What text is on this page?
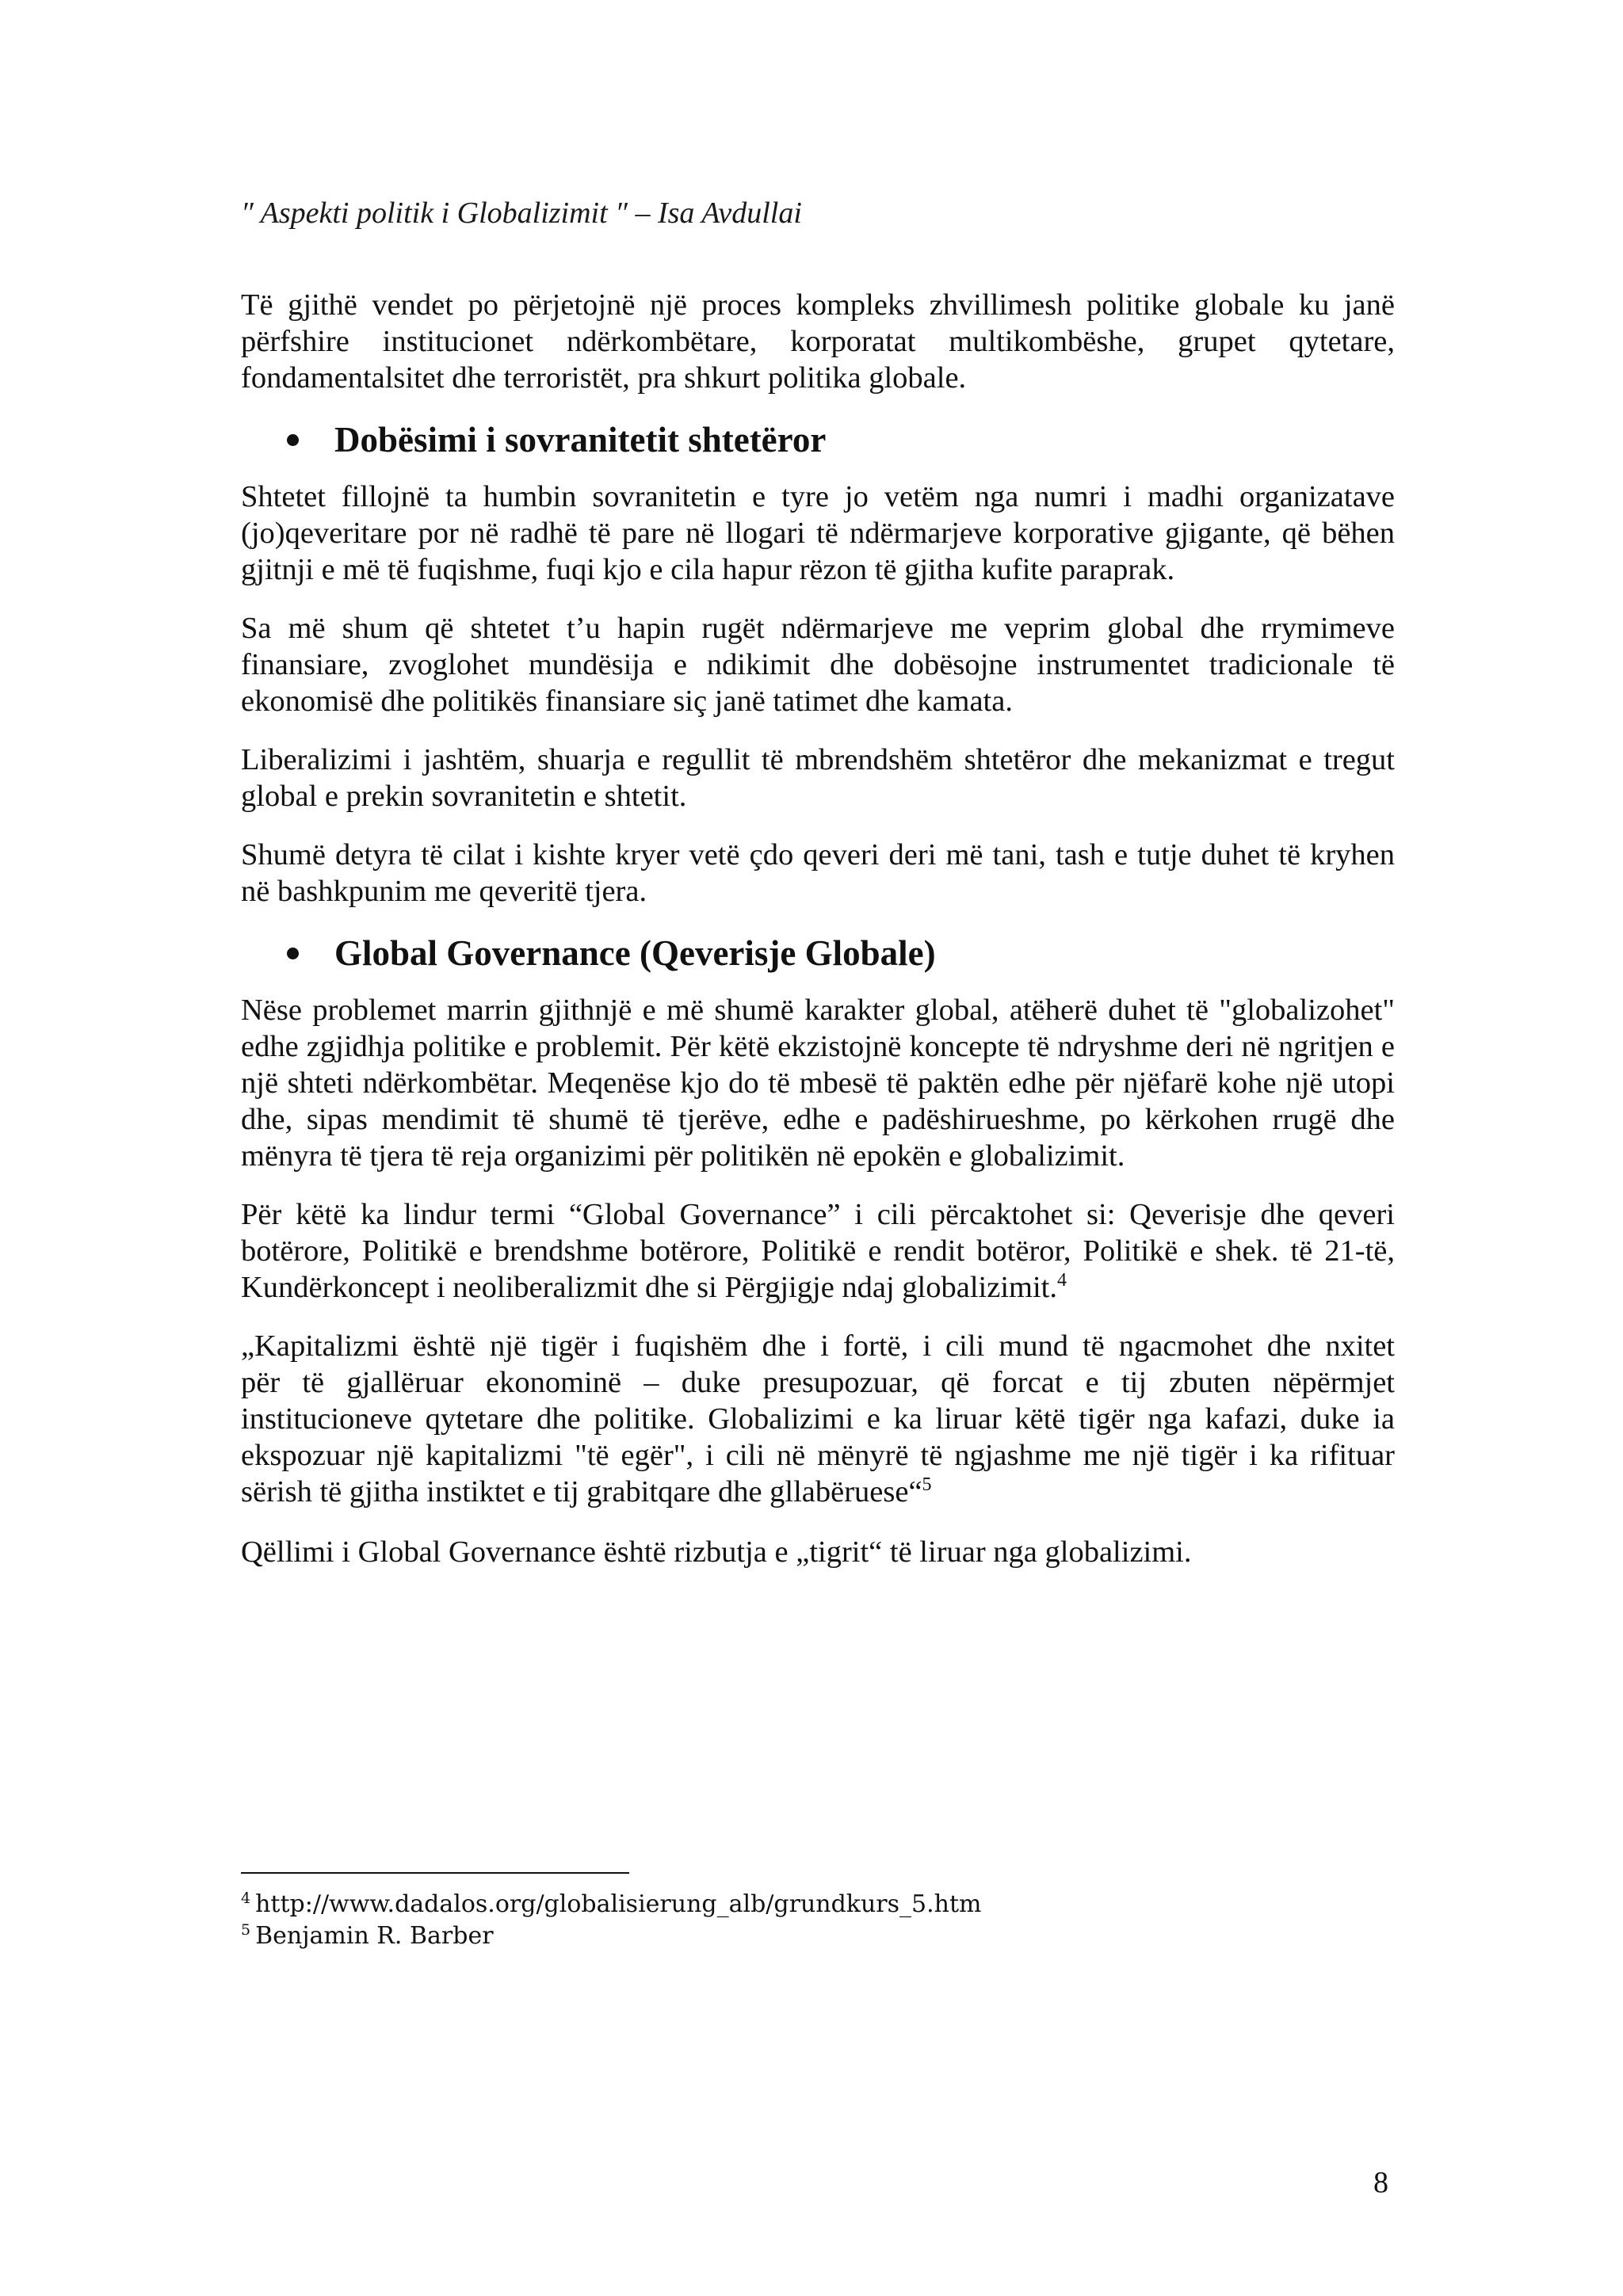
″ Aspekti politik i Globalizimit ″ – Isa Avdullai

Të gjithë vendet po përjetojnë një proces kompleks zhvillimesh politike globale ku janë përfshire institucionet ndërkombëtare, korporatat multikombëshe, grupet qytetare, fondamentalsitet dhe terroristët, pra shkurt politika globale.

Dobësimi i sovranitetit shtetëror

Shtetet fillojnë ta humbin sovranitetin e tyre jo vetëm nga numri i madhi organizatave (jo)qeveritare por në radhë të pare në llogari të ndërmarjeve korporative gjigante, që bëhen gjitnji e më të fuqishme, fuqi kjo e cila hapur rëzon të gjitha kufite paraprak.

Sa më shum që shtetet t’u hapin rugët ndërmarjeve me veprim global dhe rrymimeve finansiare, zvoglohet mundësija e ndikimit dhe dobësojne instrumentet tradicionale të ekonomisë dhe politikës finansiare siç janë tatimet dhe kamata.

Liberalizimi i jashtëm, shuarja e regullit të mbrendshëm shtetëror dhe mekanizmat e tregut global e prekin sovranitetin e shtetit.

Shumë detyra të cilat i kishte kryer vetë çdo qeveri deri më tani, tash e tutje duhet të kryhen në bashkpunim me qeveritë tjera.

Global Governance (Qeverisje Globale)

Nëse problemet marrin gjithnjë e më shumë karakter global, atëherë duhet të "globalizohet" edhe zgjidhja politike e problemit. Për këtë ekzistojnë koncepte të ndryshme deri në ngritjen e një shteti ndërkombëtar. Meqenëse kjo do të mbesë të paktën edhe për njëfarë kohe një utopi dhe, sipas mendimit të shumë të tjerëve, edhe e padëshirueshme, po kërkohen rrugë dhe mënyra të tjera të reja organizimi për politikën në epokën e globalizimit.

Për këtë ka lindur termi “Global Governance” i cili përcaktohet si: Qeverisje dhe qeveri botërore, Politikë e brendshme botërore, Politikë e rendit botëror, Politikë e shek. të 21-të, Kundërkoncept i neoliberalizmit dhe si Përgjigje ndaj globalizimit.$^4$

„Kapitalizmi është një tigër i fuqishëm dhe i fortë, i cili mund të ngacmohet dhe nxitet
për të gjallëruar ekonominë – duke presupozuar, që forcat e tij zbuten nëpërmjet
institucioneve qytetare dhe politike. Globalizimi e ka liruar këtë tigër nga kafazi, duke ia
ekspozuar një kapitalizmi "të egër", i cili në mënyrë të ngjashme me një tigër i ka rifituar
sërish të gjitha instiktet e tij grabitqare dhe gllabëruese“$^5$

Qëllimi i Global Governance është rizbutja e „tigrit“ të liruar nga globalizimi.

$^4$ http://www.dadalos.org/globalisierung_alb/grundkurs_5.htm
$^5$ Benjamin R. Barber
8
